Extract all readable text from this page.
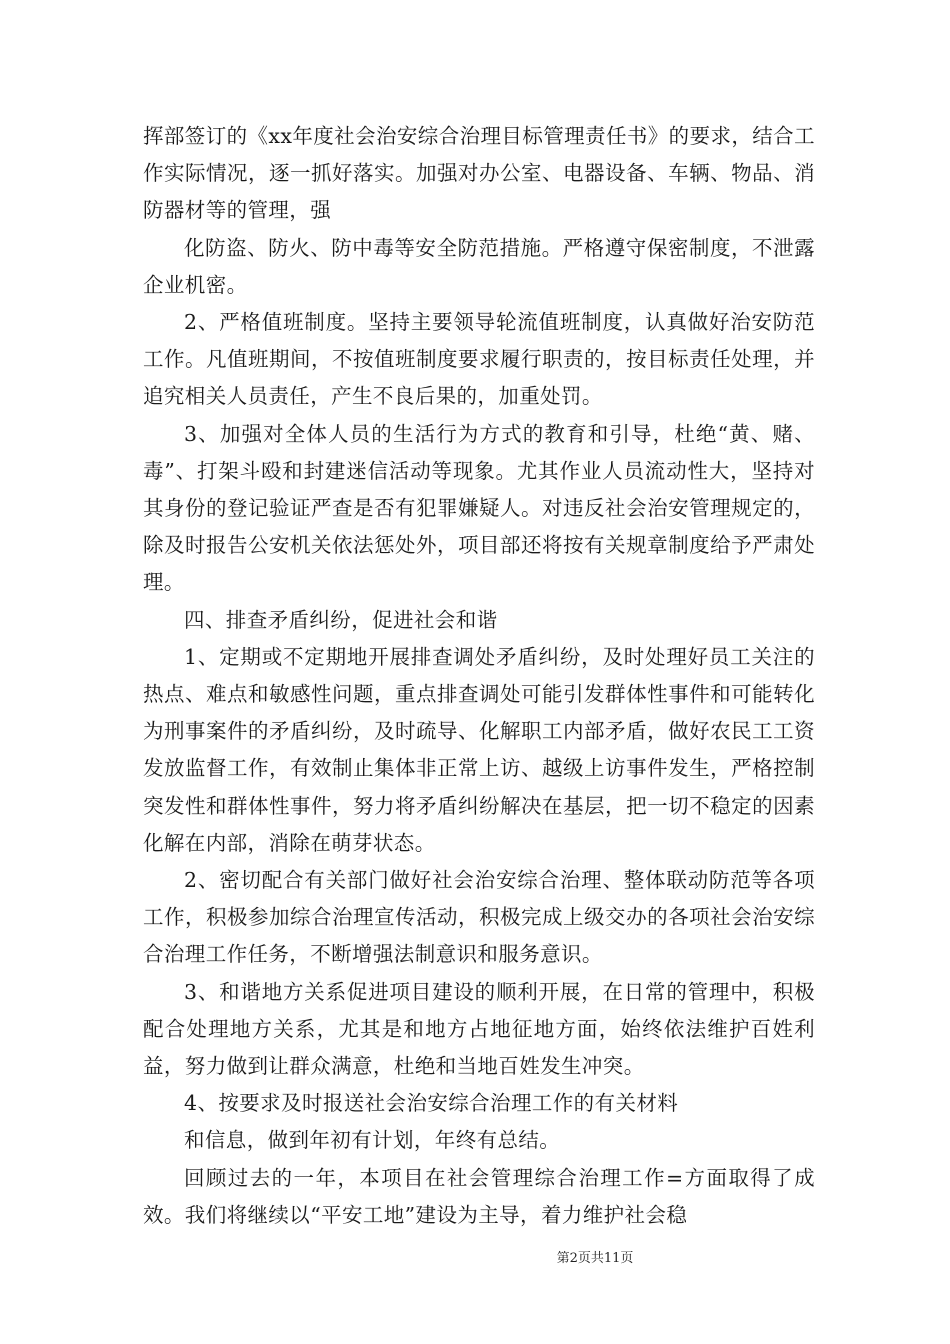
挥部签订的《xx年度社会治安综合治理目标管理责任书》的要求，结合工作实际情况，逐一抓好落实。加强对办公室、电器设备、车辆、物品、消防器材等的管理，强

化防盗、防火、防中毒等安全防范措施。严格遵守保密制度，不泄露企业机密。

2、严格值班制度。坚持主要领导轮流值班制度，认真做好治安防范工作。凡值班期间，不按值班制度要求履行职责的，按目标责任处理，并追究相关人员责任，产生不良后果的，加重处罚。

3、加强对全体人员的生活行为方式的教育和引导，杜绝“黄、赌、毒”、打架斗殴和封建迷信活动等现象。尤其作业人员流动性大，坚持对其身份的登记验证严查是否有犯罪嫌疑人。对违反社会治安管理规定的，除及时报告公安机关依法惩处外，项目部还将按有关规章制度给予严肃处理。

四、排查矛盾纠纷，促进社会和谐

1、定期或不定期地开展排查调处矛盾纠纷，及时处理好员工关注的热点、难点和敏感性问题，重点排查调处可能引发群体性事件和可能转化为刑事案件的矛盾纠纷，及时疏导、化解职工内部矛盾，做好农民工工资发放监督工作，有效制止集体非正常上访、越级上访事件发生，严格控制突发性和群体性事件，努力将矛盾纠纷解决在基层，把一切不稳定的因素化解在内部，消除在萌芽状态。

2、密切配合有关部门做好社会治安综合治理、整体联动防范等各项工作，积极参加综合治理宣传活动，积极完成上级交办的各项社会治安综合治理工作任务，不断增强法制意识和服务意识。

3、和谐地方关系促进项目建设的顺利开展，在日常的管理中，积极配合处理地方关系，尤其是和地方占地征地方面，始终依法维护百姓利益，努力做到让群众满意，杜绝和当地百姓发生冲突。

4、按要求及时报送社会治安综合治理工作的有关材料

和信息，做到年初有计划，年终有总结。

回顾过去的一年，本项目在社会管理综合治理工作=方面取得了成效。我们将继续以“平安工地”建设为主导，着力维护社会稳

第2页共11页
